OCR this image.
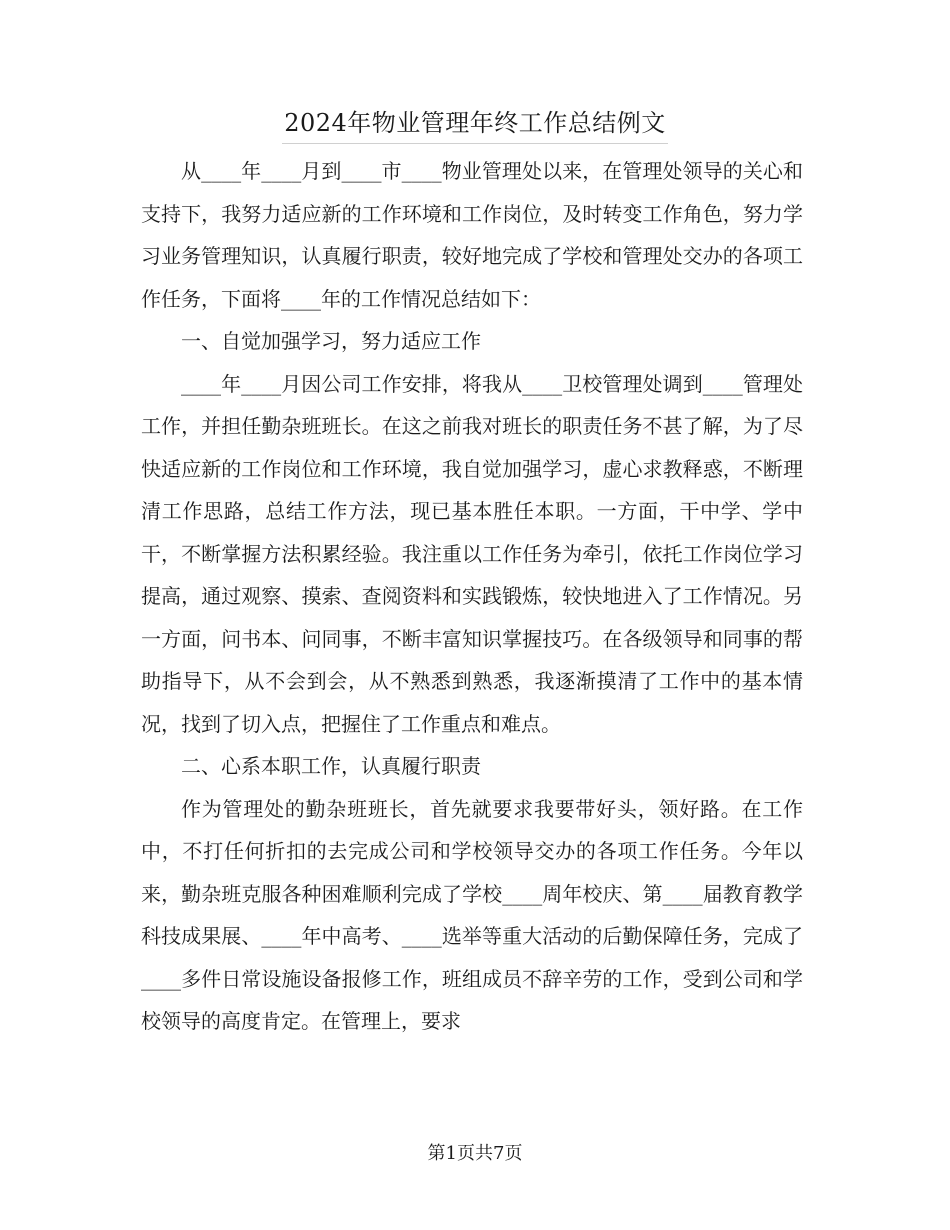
2024年物业管理年终工作总结例文

从____年____月到____市____物业管理处以来，在管理处领导的关心和支持下，我努力适应新的工作环境和工作岗位，及时转变工作角色，努力学习业务管理知识，认真履行职责，较好地完成了学校和管理处交办的各项工作任务，下面将____年的工作情况总结如下：

一、自觉加强学习，努力适应工作

____年____月因公司工作安排，将我从____卫校管理处调到____管理处工作，并担任勤杂班班长。在这之前我对班长的职责任务不甚了解，为了尽快适应新的工作岗位和工作环境，我自觉加强学习，虚心求教释惑，不断理清工作思路，总结工作方法，现已基本胜任本职。一方面，干中学、学中干，不断掌握方法积累经验。我注重以工作任务为牵引，依托工作岗位学习提高，通过观察、摸索、查阅资料和实践锻炼，较快地进入了工作情况。另一方面，问书本、问同事，不断丰富知识掌握技巧。在各级领导和同事的帮助指导下，从不会到会，从不熟悉到熟悉，我逐渐摸清了工作中的基本情况，找到了切入点，把握住了工作重点和难点。

二、心系本职工作，认真履行职责

作为管理处的勤杂班班长，首先就要求我要带好头，领好路。在工作中，不打任何折扣的去完成公司和学校领导交办的各项工作任务。今年以来，勤杂班克服各种困难顺利完成了学校____周年校庆、第____届教育教学科技成果展、____年中高考、____选举等重大活动的后勤保障任务，完成了____多件日常设施设备报修工作，班组成员不辞辛劳的工作，受到公司和学校领导的高度肯定。在管理上，要求

第1页共7页
